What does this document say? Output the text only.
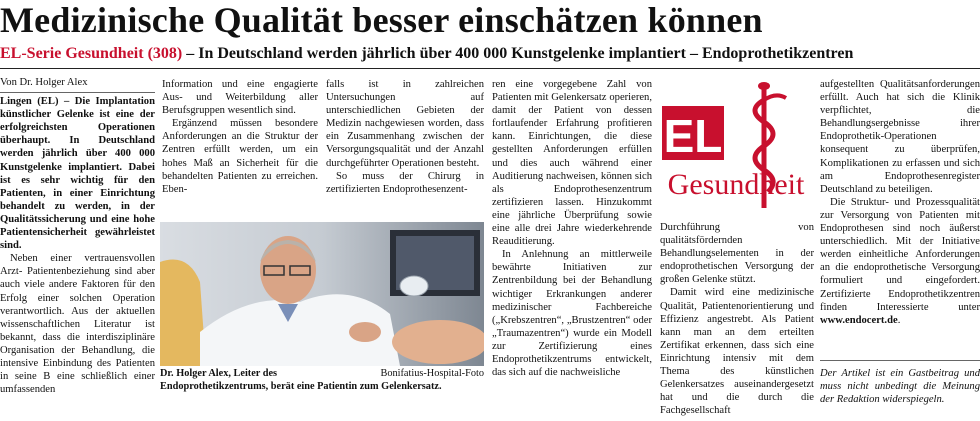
Medizinische Qualität besser einschätzen können
EL-Serie Gesundheit (308) – In Deutschland werden jährlich über 400 000 Kunstgelenke implantiert – Endoprothetikzentren

Von Dr. Holger Alex

Lingen (EL) – Die Implantation künstlicher Gelenke ist eine der erfolgreichsten Operationen überhaupt. In Deutschland werden jährlich über 400 000 Kunstgelenke implantiert. Dabei ist es sehr wichtig für den Patienten, in einer Einrichtung behandelt zu werden, in der Qualitätssicherung und eine hohe Patientensicherheit gewährleistet sind.

Neben einer vertrauensvollen Arzt- Patientenbeziehung sind aber auch viele andere Faktoren für den Erfolg einer solchen Operation verantwortlich. Aus der aktuellen wissenschaftlichen Literatur ist bekannt, dass die interdisziplinäre Organisation der Behandlung, die intensive Einbindung des Patienten in seine B eine schließlich einer umfassenden

Information und eine engagierte Aus- und Weiterbildung aller Berufsgruppen wesentlich sind.

Ergänzend müssen besondere Anforderungen an die Struktur der Zentren erfüllt werden, um ein hohes Maß an Sicherheit für die behandelten Patienten zu erreichen. Eben-

falls ist in zahlreichen Untersuchungen auf unterschiedlichen Gebieten der Medizin nachgewiesen worden, dass ein Zusammenhang zwischen der Versorgungsqualität und der Anzahl durchgeführter Operationen besteht.

So muss der Chirurg in zertifizierten Endoprothesenzent-

Bonifatius-Hospital-Foto
Dr. Holger Alex, Leiter des Endoprothetikzentrums, berät eine Patientin zum Gelenkersatz.

ren eine vorgegebene Zahl von Patienten mit Gelenkersatz operieren, damit der Patient von dessen fortlaufender Erfahrung profitieren kann. Einrichtungen, die diese gestellten Anforderungen erfüllen und dies auch während einer Auditierung nachweisen, können sich als Endoprothesenzentrum zertifizieren lassen. Hinzukommt eine jährliche Überprüfung sowie eine alle drei Jahre wiederkehrende Reauditierung.

In Anlehnung an mittlerweile bewährte Initiativen zur Zentrenbildung bei der Behandlung wichtiger Erkrankungen anderer medizinischer Fachbereiche („Krebszentren“, „Brustzentren“ oder „Traumazentren“) wurde ein Modell zur Zertifizierung eines Endoprothetikzentrums entwickelt, das sich auf die nachweisliche

EL
Gesundheit

Durchführung von qualitätsfördernden Behandlungselementen in der endoprothetischen Versorgung der großen Gelenke stützt.

Damit wird eine medizinische Qualität, Patientenorientierung und Effizienz angestrebt. Als Patient kann man an dem erteilten Zertifikat erkennen, dass sich eine Einrichtung intensiv mit dem Thema des künstlichen Gelenkersatzes auseinandergesetzt hat und die durch die Fachgesellschaft

aufgestellten Qualitätsanforderungen erfüllt. Auch hat sich die Klinik verpflichtet, die Behandlungsergebnisse ihrer Endoprothetik-Operationen konsequent zu überprüfen, Komplikationen zu erfassen und sich am Endoprothesenregister Deutschland zu beteiligen.

Die Struktur- und Prozessqualität zur Versorgung von Patienten mit Endoprothesen sind noch äußerst unterschiedlich. Mit der Initiative werden einheitliche Anforderungen an die endoprothetische Versorgung formuliert und eingefordert. Zertifizierte Endoprothetikzentren finden Interessierte unter www.endocert.de.

Der Artikel ist ein Gastbeitrag und muss nicht unbedingt die Meinung der Redaktion widerspiegeln.
